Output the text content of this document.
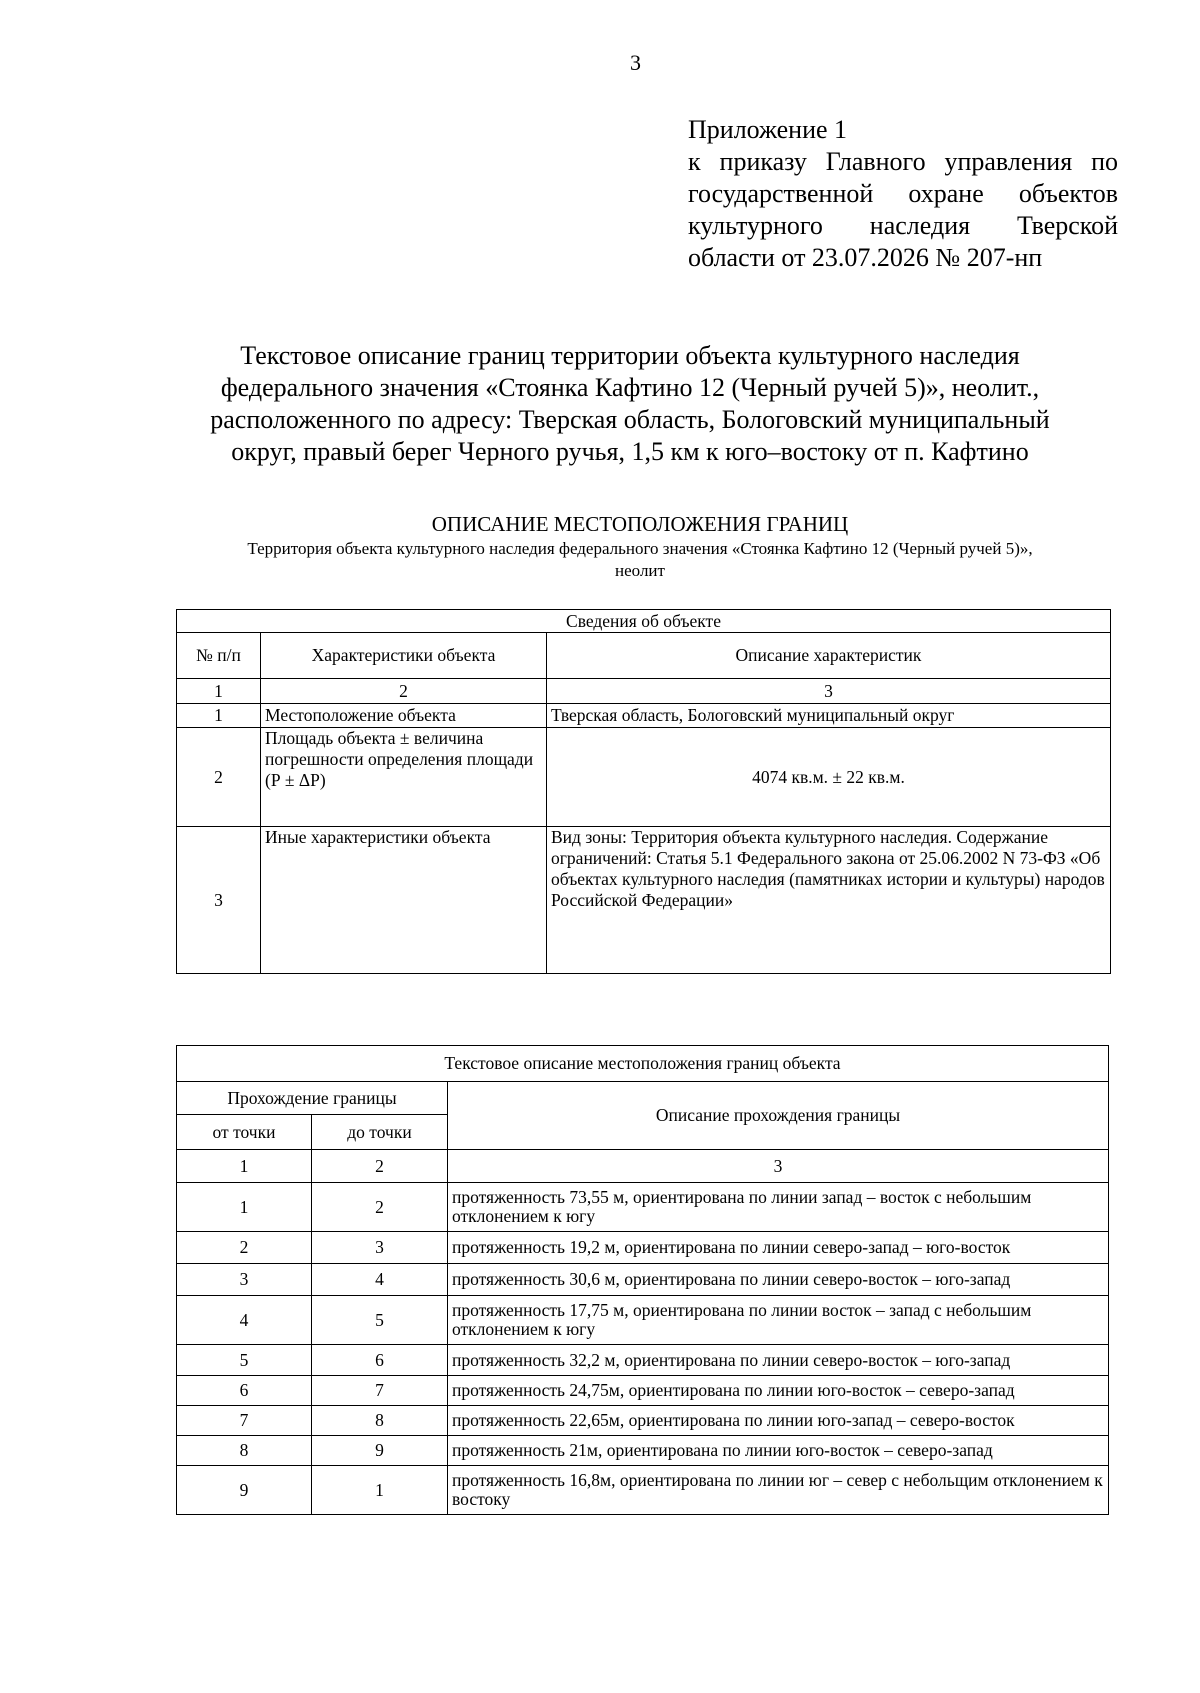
3
Приложение 1
к приказу Главного управления по
государственной охране объектов
культурного наследия Тверской
области от 23.07.2026 № 207-нп
Текстовое описание границ территории объекта культурного наследия
федерального значения «Стоянка Кафтино 12 (Черный ручей 5)», неолит.,
расположенного по адресу: Тверская область, Бологовский муниципальный
округ, правый берег Черного ручья, 1,5 км к юго–востоку от п. Кафтино
ОПИСАНИЕ МЕСТОПОЛОЖЕНИЯ ГРАНИЦ
Территория объекта культурного наследия федерального значения «Стоянка Кафтино 12 (Черный ручей 5)»,
неолит
Сведения об объекте		
№ п/п	Характеристики объекта	Описание характеристик
1	2	3
1	Местоположение объекта	Тверская область, Бологовский муниципальный округ
2	Площадь объекта ± величина погрешности определения площади (Р ± ΔР)	4074 кв.м. ± 22 кв.м.
3	Иные характеристики объекта	Вид зоны: Территория объекта культурного наследия. Содержание ограничений: Статья 5.1 Федерального закона от 25.06.2002 N 73-ФЗ «Об объектах культурного наследия (памятниках истории и культуры) народов Российской Федерации»
Текстовое описание местоположения границ объекта		
Прохождение границы		Описание прохождения границы
от точки	до точки	
1	2	3
1	2	протяженность 73,55 м, ориентирована по линии запад – восток с небольшим отклонением к югу
2	3	протяженность 19,2 м, ориентирована по линии северо-запад – юго-восток
3	4	протяженность 30,6 м, ориентирована по линии северо-восток – юго-запад
4	5	протяженность 17,75 м, ориентирована по линии восток – запад с небольшим отклонением к югу
5	6	протяженность 32,2 м, ориентирована по линии северо-восток – юго-запад
6	7	протяженность 24,75м, ориентирована по линии юго-восток – северо-запад
7	8	протяженность 22,65м, ориентирована по линии юго-запад – северо-восток
8	9	протяженность 21м, ориентирована по линии юго-восток – северо-запад
9	1	протяженность 16,8м, ориентирована по линии юг – север с небольщим отклонением к востоку
